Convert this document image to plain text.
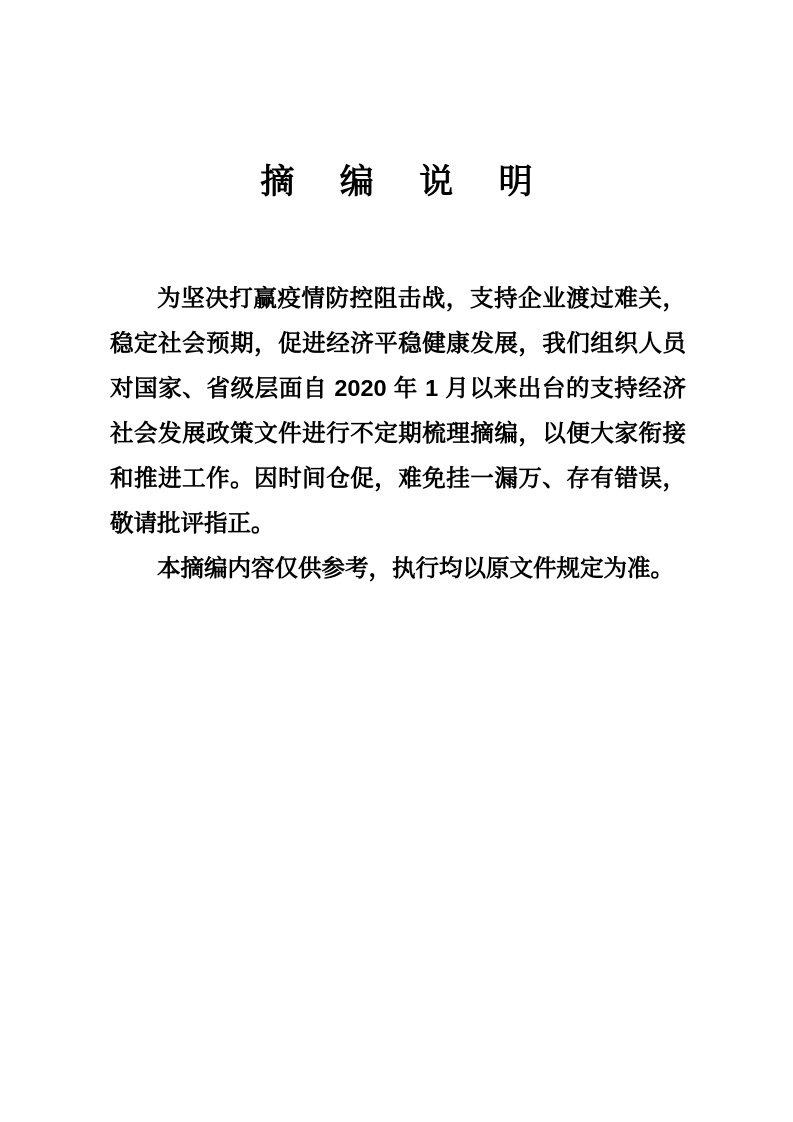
摘 编 说 明

为坚决打赢疫情防控阻击战，支持企业渡过难关，稳定社会预期，促进经济平稳健康发展，我们组织人员对国家、省级层面自 2020 年 1 月以来出台的支持经济社会发展政策文件进行不定期梳理摘编，以便大家衔接和推进工作。因时间仓促，难免挂一漏万、存有错误，敬请批评指正。

本摘编内容仅供参考，执行均以原文件规定为准。
